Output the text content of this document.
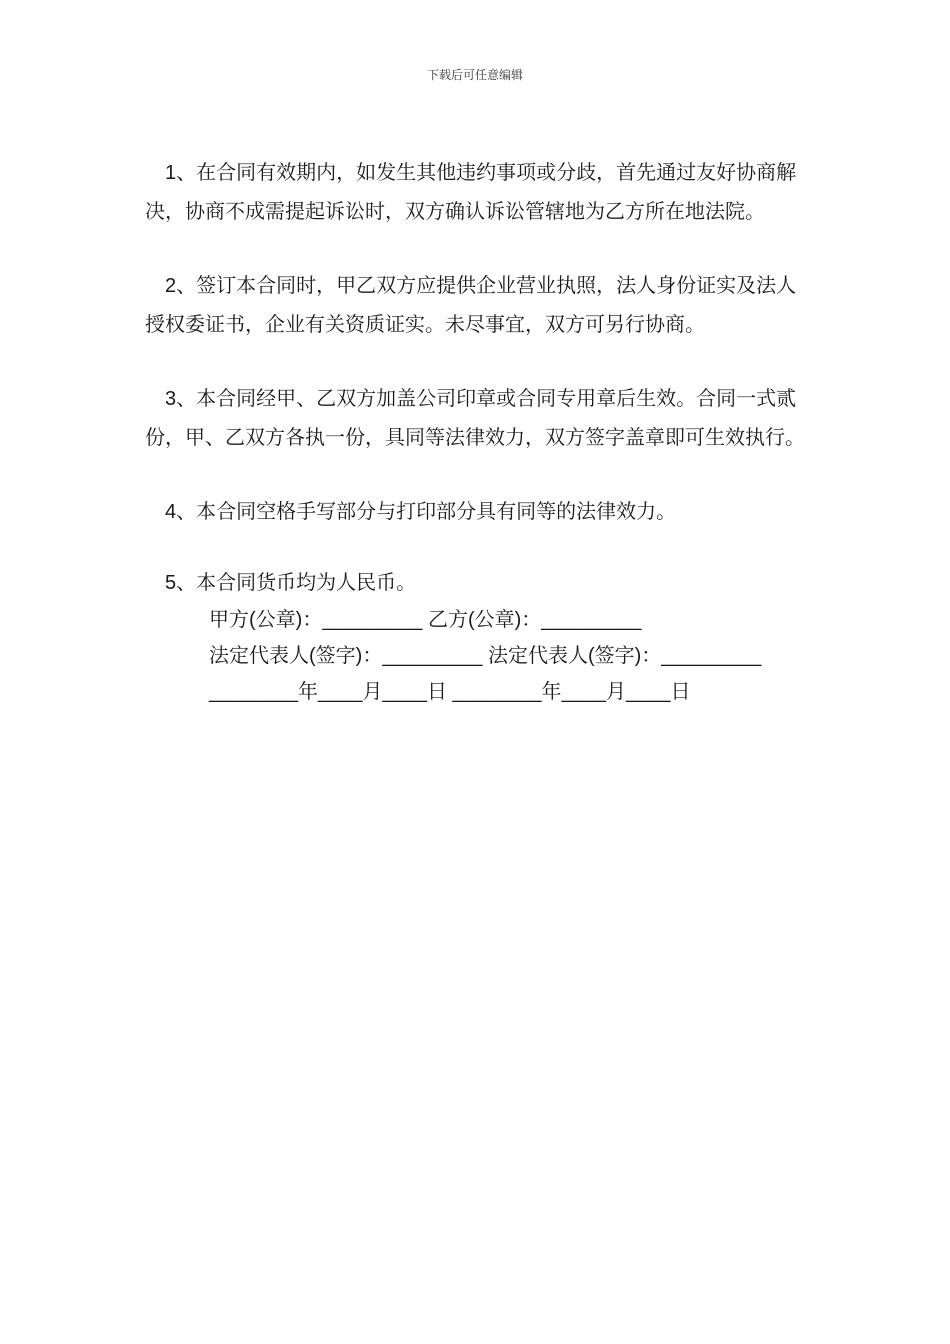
下载后可任意编辑

1、在合同有效期内，如发生其他违约事项或分歧，首先通过友好协商解决，协商不成需提起诉讼时，双方确认诉讼管辖地为乙方所在地法院。

2、签订本合同时，甲乙双方应提供企业营业执照，法人身份证实及法人授权委证书，企业有关资质证实。未尽事宜，双方可另行协商。

3、本合同经甲、乙双方加盖公司印章或合同专用章后生效。合同一式贰份，甲、乙双方各执一份，具同等法律效力，双方签字盖章即可生效执行。

4、本合同空格手写部分与打印部分具有同等的法律效力。

5、本合同货币均为人民币。

甲方(公章)：_________ 乙方(公章)：_________
法定代表人(签字)：_________ 法定代表人(签字)：_________
________年____月____日 ________年____月____日
